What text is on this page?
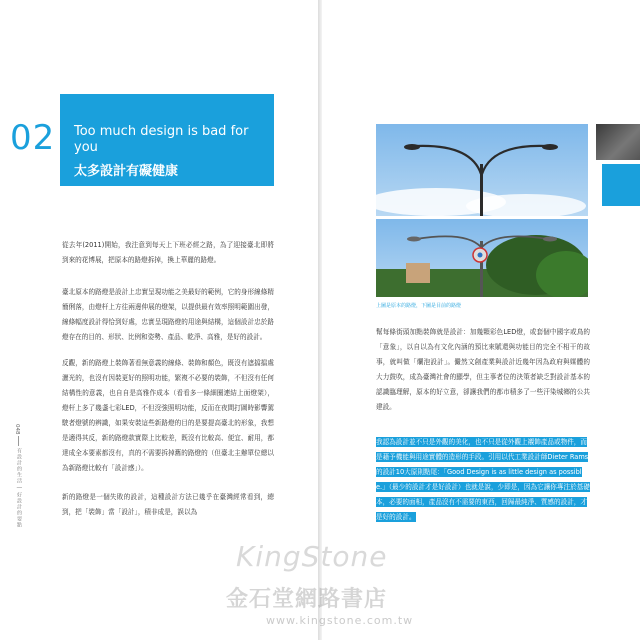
02 Too much design is bad for you
太多設計有礙健康

從去年(2011)開始，我注意到每天上下班必經之路，為了迎接臺北即將到來的花博展，把原本的路燈拆掉，換上華麗的路燈。

臺北原本的路燈是設計上忠實呈現功能之美最好的範例，它的身形線條精簡俐落，由燈杆上方往兩邊伸展的燈架，以提供最有效率照明範圍出發，線條幅度設計得恰到好處，忠實呈現路燈的用途與結構，這個設計忠於路燈存在的目的、形狀、比例和姿勢、產品、乾淨、高雅，是好的設計。

反觀，新的路燈上裝飾著看無意義的線條、裝飾和顏色，既沒有遮擋擋處灑光的，也沒有因裝更好的照明功能，繁複不必要的裝飾，不但沒有任何結構性的意義，也自自是高雅作成本（看看多一條細圈連結上面燈架），燈杆上多了幾盞七彩LED，不但沒強照明功能，反而在夜間打圖時影響駕駛者燈號的辨識，如果安裝這些新路燈的目的是要提高臺北的形象，我想是適得其反，新的路燈款實際上比較差，既沒有比較高、便宜、耐用，都達成全本要素都沒有，真的不需要拆掉舊的路燈的（但臺北主辦單位總以為新路燈比較有「設計感」）。

新的路燈是一個失敗的設計，這種設計方法已幾乎在臺灣經常看到，總到，把「裝飾」當「設計」，積非成是，誤以為

048
有設計的生活 | 好設計的要點
上圖是原本的路燈，下圖是目前的路燈

幫每條街頭加點裝飾就是設計：加幾顆彩色LED燈，或套個中國字或鳥的「意象」，以自以為有文化內涵的預比來賦還與功能目的完全不相干的故事，就叫做「爛泡設計」。儼然文創產業與設計近幾年因為政府與媒體的大力鼓吹，成為臺灣社會的顯學，但主事者位的決策者缺乏對設計基本的認識臨理解，原本的好立意，卻讓我們的都市積多了一些汗染城鄉的公共建設。

我認為設計並不只是外觀的美化，也不只是從外觀上襯飾產品或物件，而是藉予機能與用途實體的造形的手段。引用以代工業設計師Dieter Rams的設計10大原則點尾：「Good Design is as little design as possible.」（最少的設計才是好設計）也就是說，少即是，因為它讓你專注於基礎本，必要的面相，產品沒有不需要的東西，回歸最純淨、質感的設計，才是好的設計。

KingStone
金石堂網路書店
www.kingstone.com.tw
